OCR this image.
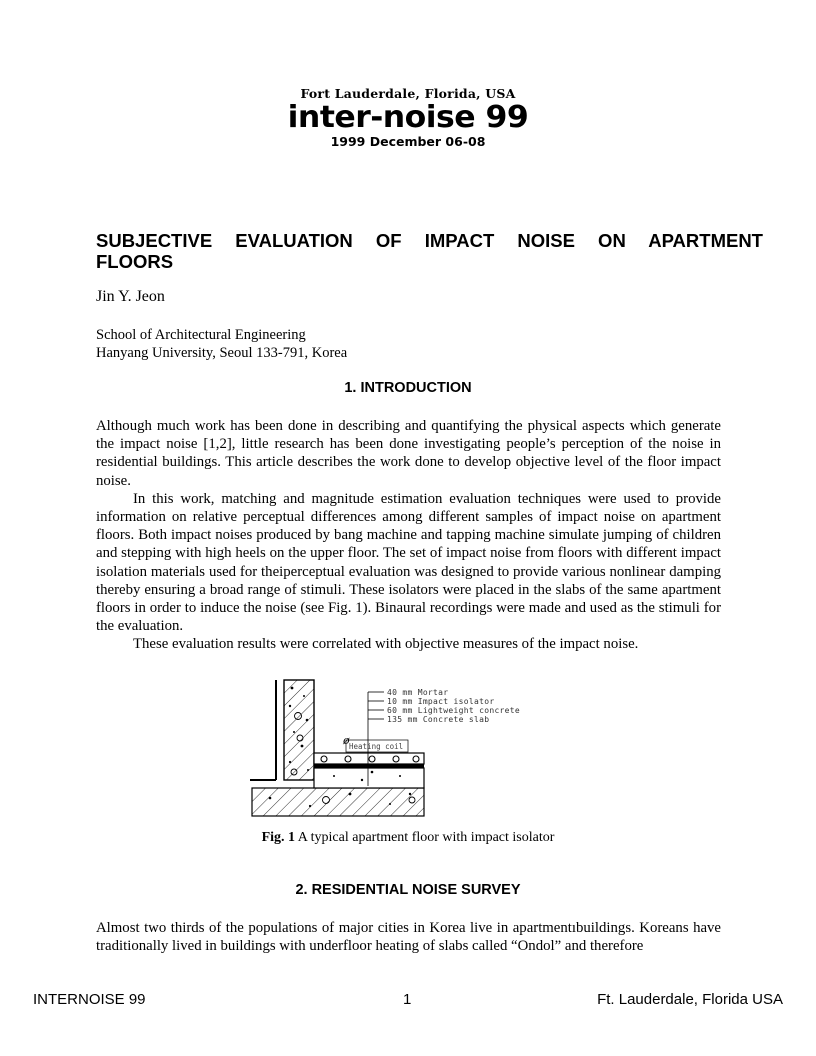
Fort Lauderdale, Florida, USA
inter-noise 99
1999 December 06-08
SUBJECTIVE EVALUATION OF IMPACT NOISE ON APARTMENT
FLOORS
Jin Y. Jeon
School of Architectural Engineering
Hanyang University, Seoul 133-791, Korea
1. INTRODUCTION

Although much work has been done in describing and quantifying the physical aspects which generate the impact noise [1,2], little research has been done investigating people’s perception of the noise in residential buildings. This article describes the work done to develop objective level of the floor impact noise.

In this work, matching and magnitude estimation evaluation techniques were used to provide information on relative perceptual differences among different samples of impact noise on apartment floors. Both impact noises produced by bang machine and tapping machine simulate jumping of children and stepping with high heels on the upper floor. The set of impact noise from floors with different impact isolation materials used for theiperceptual evaluation was designed to provide various nonlinear damping thereby ensuring a broad range of stimuli. These isolators were placed in the slabs of the same apartment floors in order to induce the noise (see Fig. 1). Binaural recordings were made and used as the stimuli for the evaluation.

These evaluation results were correlated with objective measures of the impact noise.

Heating coil
ø
40 mm Mortar
10 mm Impact isolator
60 mm Lightweight concrete
135 mm Concrete slab
Fig. 1 A typical apartment floor with impact isolator
2. RESIDENTIAL NOISE SURVEY

Almost two thirds of the populations of major cities in Korea live in apartmentıbuildings. Koreans have traditionally lived in buildings with underfloor heating of slabs called “Ondol” and therefore

INTERNOISE 99	1	Ft. Lauderdale, Florida USA
